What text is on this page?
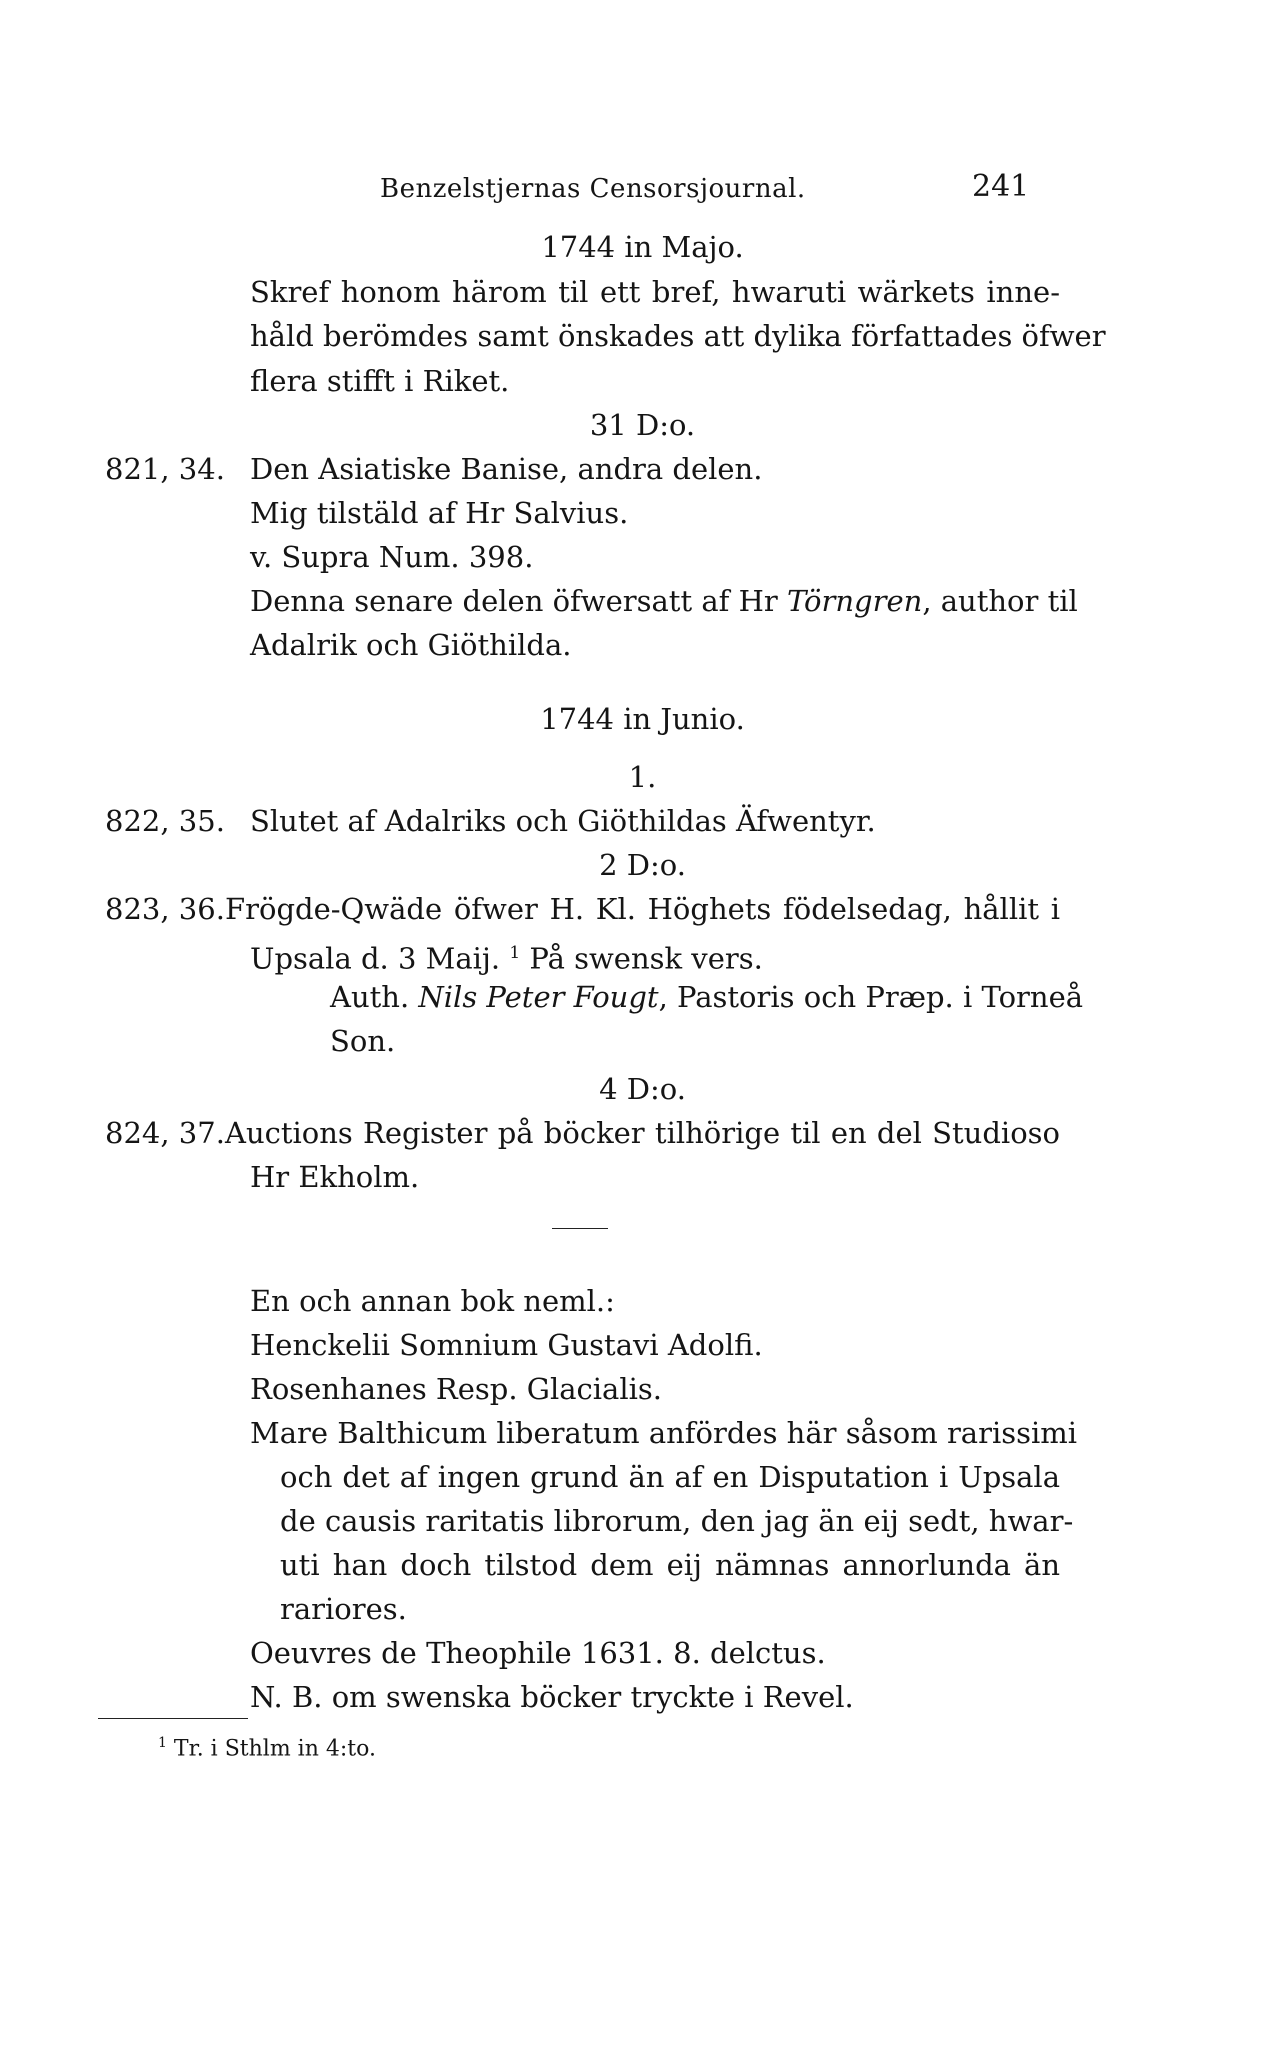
Benzelstjernas Censorsjournal.	241
1744 in Majo.
Skref honom härom til ett bref, hwaruti wärkets inne-
håld berömdes samt önskades att dylika författades öfwer
flera stifft i Riket.
31 D:o.
821, 34. Den Asiatiske Banise, andra delen.
Mig tilstäld af Hr Salvius.
v. Supra Num. 398.
Denna senare delen öfwersatt af Hr Törngren, author til
Adalrik och Giöthilda.
1744 in Junio.
1.
822, 35. Slutet af Adalriks och Giöthildas Äfwentyr.
2 D:o.
823, 36. Frögde-Qwäde öfwer H. Kl. Höghets födelsedag, hållit i
Upsala d. 3 Maij. $^1$ På swensk vers.
Auth. Nils Peter Fougt, Pastoris och Præp. i Torneå
Son.
4 D:o.
824, 37. Auctions Register på böcker tilhörige til en del Studioso
Hr Ekholm.
En och annan bok neml.:
Henckelii Somnium Gustavi Adolfi.
Rosenhanes Resp. Glacialis.
Mare Balthicum liberatum anfördes här såsom rarissimi
och det af ingen grund än af en Disputation i Upsala
de causis raritatis librorum, den jag än eij sedt, hwar-
uti han doch tilstod dem eij nämnas annorlunda än
rariores.
Oeuvres de Theophile 1631. 8. delctus.
N. B. om swenska böcker tryckte i Revel.
$^1$ Tr. i Sthlm in 4:to.
